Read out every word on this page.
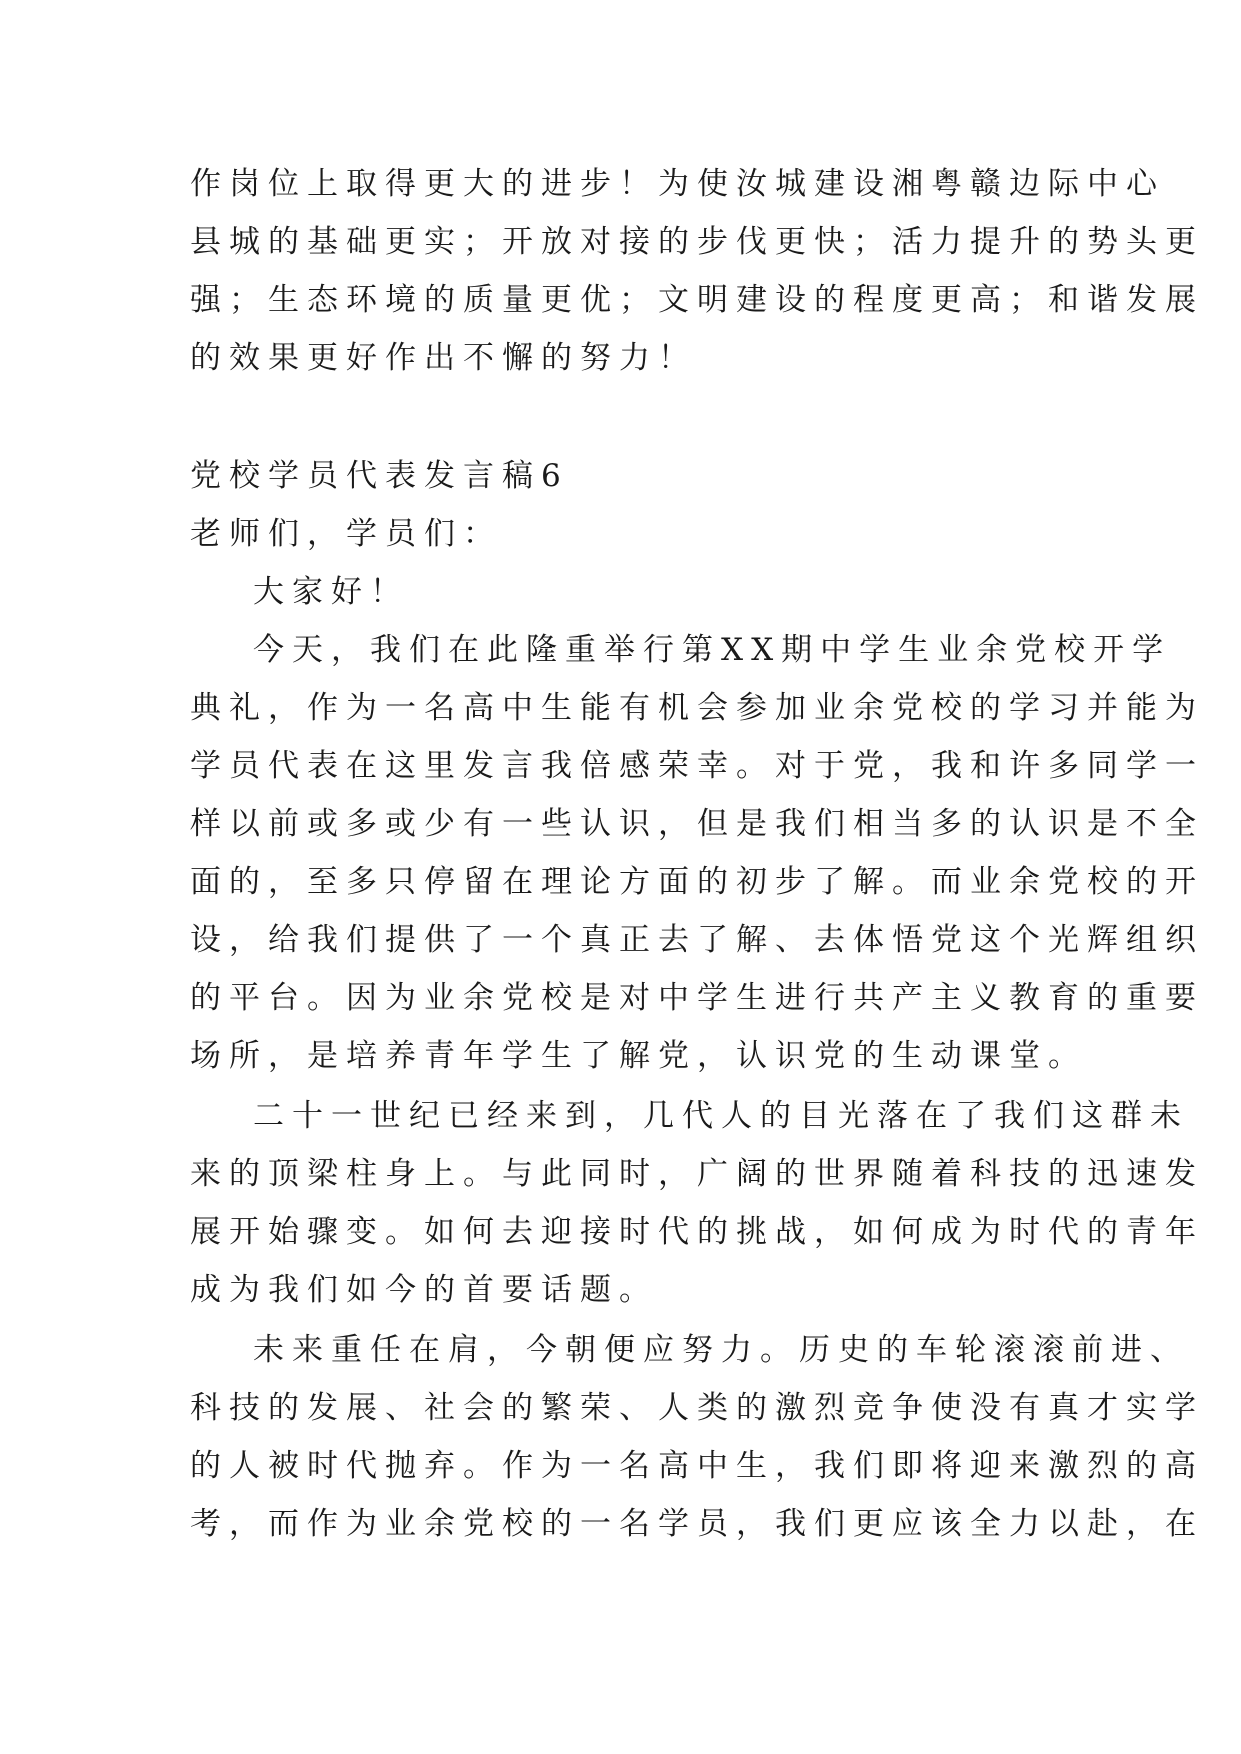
作岗位上取得更大的进步！为使汝城建设湘粤赣边际中心
县城的基础更实；开放对接的步伐更快；活力提升的势头更
强；生态环境的质量更优；文明建设的程度更高；和谐发展
的效果更好作出不懈的努力！
党校学员代表发言稿6
老师们，学员们：
大家好！
今天，我们在此隆重举行第XX期中学生业余党校开学
典礼，作为一名高中生能有机会参加业余党校的学习并能为
学员代表在这里发言我倍感荣幸。对于党，我和许多同学一
样以前或多或少有一些认识，但是我们相当多的认识是不全
面的，至多只停留在理论方面的初步了解。而业余党校的开
设，给我们提供了一个真正去了解、去体悟党这个光辉组织
的平台。因为业余党校是对中学生进行共产主义教育的重要
场所，是培养青年学生了解党，认识党的生动课堂。
二十一世纪已经来到，几代人的目光落在了我们这群未
来的顶梁柱身上。与此同时，广阔的世界随着科技的迅速发
展开始骤变。如何去迎接时代的挑战，如何成为时代的青年
成为我们如今的首要话题。
未来重任在肩，今朝便应努力。历史的车轮滚滚前进、
科技的发展、社会的繁荣、人类的激烈竞争使没有真才实学
的人被时代抛弃。作为一名高中生，我们即将迎来激烈的高
考，而作为业余党校的一名学员，我们更应该全力以赴，在
